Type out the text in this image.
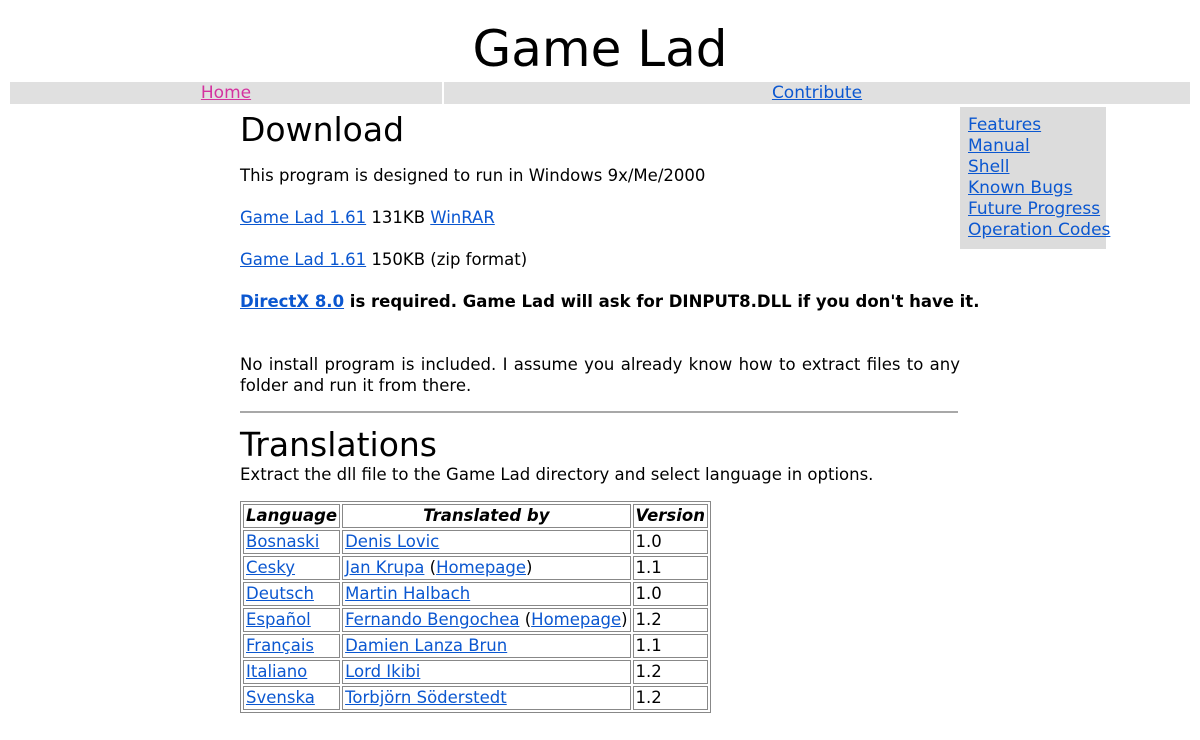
Game Lad
Home	Contribute
Features
Manual
Shell
Known Bugs
Future Progress
Operation Codes
Download
This program is designed to run in Windows 9x/Me/2000
Game Lad 1.61 131KB WinRAR
Game Lad 1.61 150KB (zip format)
DirectX 8.0 is required. Game Lad will ask for DINPUT8.DLL if you don't have it.
No install program is included. I assume you already know how to extract files to any folder and run it from there.
Translations
Extract the dll file to the Game Lad directory and select language in options.
Language	Translated by	Version
Bosnaski	Denis Lovic	1.0
Cesky	Jan Krupa (Homepage)	1.1
Deutsch	Martin Halbach	1.0
Español	Fernando Bengochea (Homepage)	1.2
Français	Damien Lanza Brun	1.1
Italiano	Lord Ikibi	1.2
Svenska	Torbjörn Söderstedt	1.2
